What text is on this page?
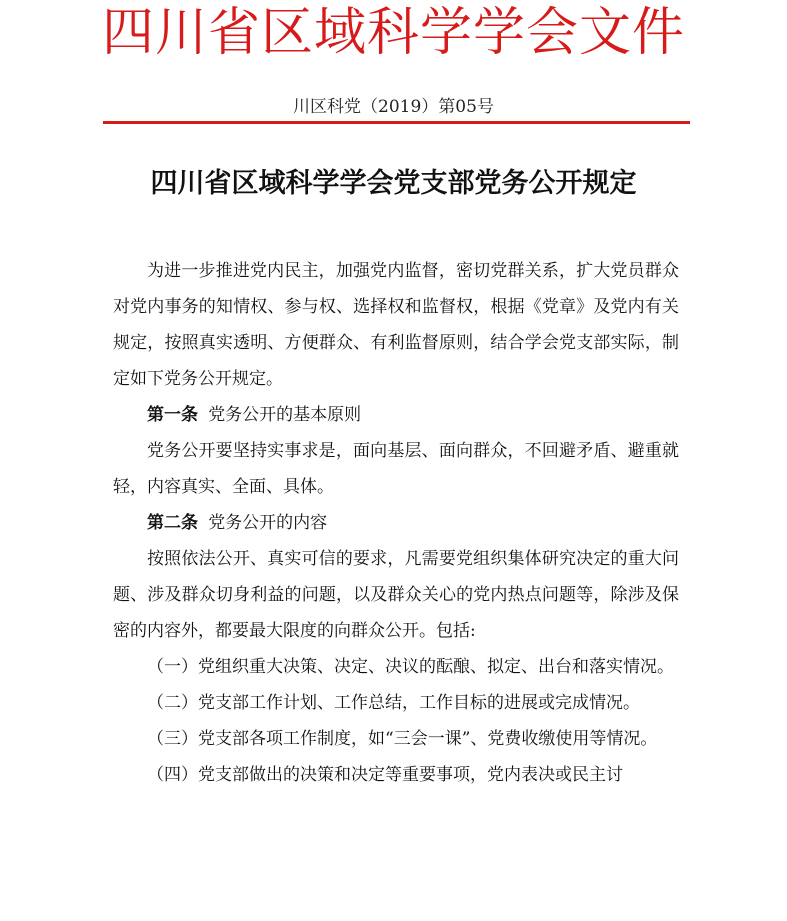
四川省区域科学学会文件
川区科党（2019）第05号
四川省区域科学学会党支部党务公开规定

为进一步推进党内民主，加强党内监督，密切党群关系，扩大党员群众对党内事务的知情权、参与权、选择权和监督权，根据《党章》及党内有关规定，按照真实透明、方便群众、有利监督原则，结合学会党支部实际，制定如下党务公开规定。

第一条 党务公开的基本原则

党务公开要坚持实事求是，面向基层、面向群众，不回避矛盾、避重就轻，内容真实、全面、具体。

第二条 党务公开的内容

按照依法公开、真实可信的要求，凡需要党组织集体研究决定的重大问题、涉及群众切身利益的问题，以及群众关心的党内热点问题等，除涉及保密的内容外，都要最大限度的向群众公开。包括:

（一）党组织重大决策、决定、决议的酝酿、拟定、出台和落实情况。

（二）党支部工作计划、工作总结，工作目标的进展或完成情况。

（三）党支部各项工作制度，如“三会一课”、党费收缴使用等情况。

（四）党支部做出的决策和决定等重要事项，党内表决或民主讨
